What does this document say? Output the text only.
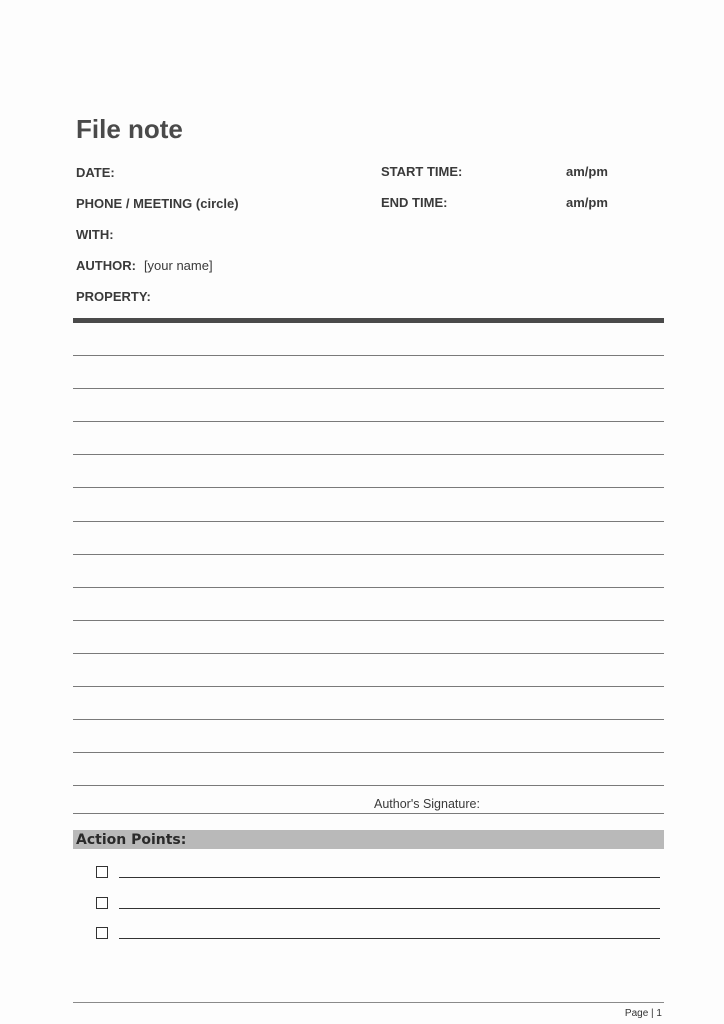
File note
DATE:	START TIME:	am/pm
PHONE / MEETING (circle)	END TIME:	am/pm
WITH:
AUTHOR: [your name]
PROPERTY:
Author's Signature:
Action Points:
Page | 1
